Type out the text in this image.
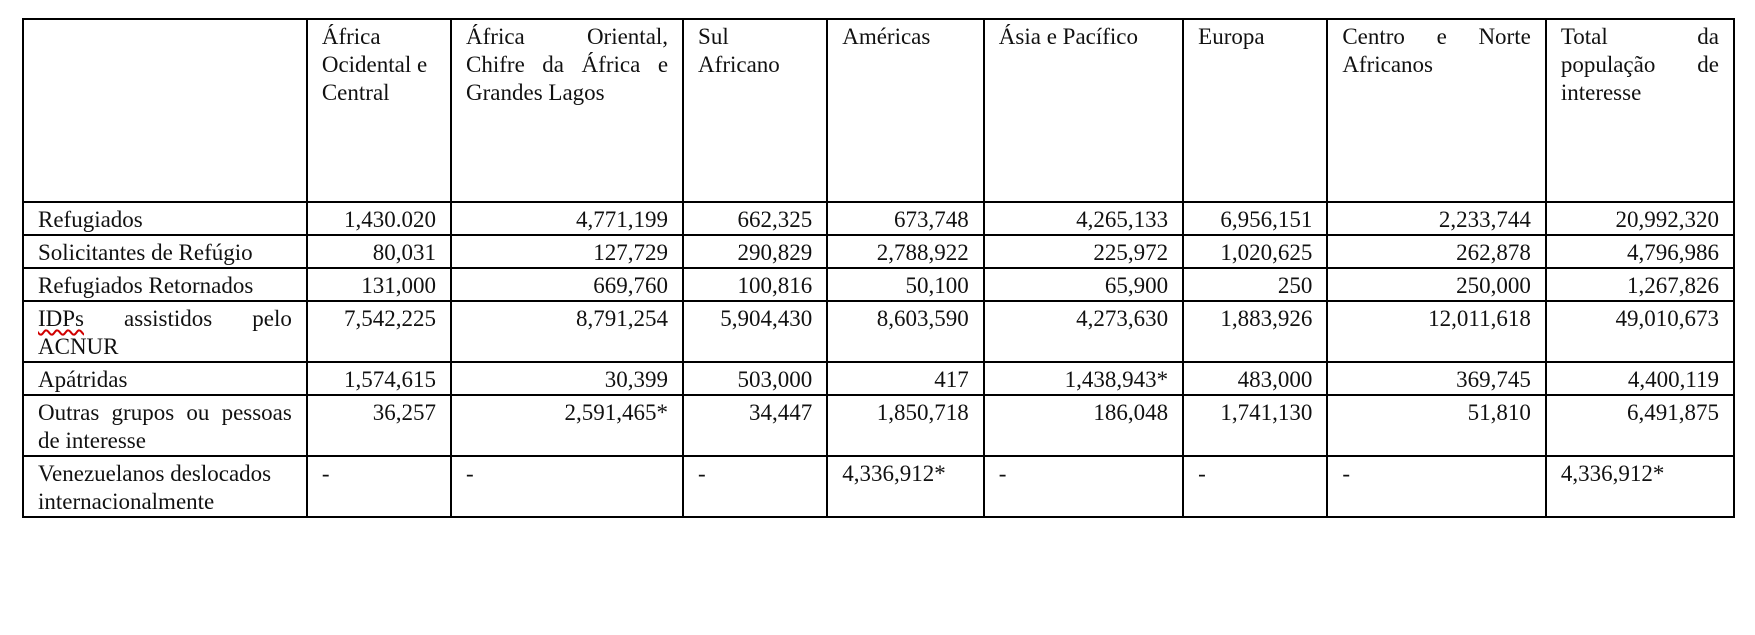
	África Ocidental e Central	África Oriental, Chifre da África e Grandes Lagos	Sul Africano	Américas	Ásia e Pacífico	Europa	Centro e Norte Africanos	Total da população de interesse
Refugiados	1,430.020	4,771,199	662,325	673,748	4,265,133	6,956,151	2,233,744	20,992,320
Solicitantes de Refúgio	80,031	127,729	290,829	2,788,922	225,972	1,020,625	262,878	4,796,986
Refugiados Retornados	131,000	669,760	100,816	50,100	65,900	250	250,000	1,267,826
IDPs assistidos pelo ACNUR	7,542,225	8,791,254	5,904,430	8,603,590	4,273,630	1,883,926	12,011,618	49,010,673
Apátridas	1,574,615	30,399	503,000	417	1,438,943*	483,000	369,745	4,400,119
Outras grupos ou pessoas de interesse	36,257	2,591,465*	34,447	1,850,718	186,048	1,741,130	51,810	6,491,875
Venezuelanos deslocados internacionalmente	-	-	-	4,336,912*	-	-	-	4,336,912*
